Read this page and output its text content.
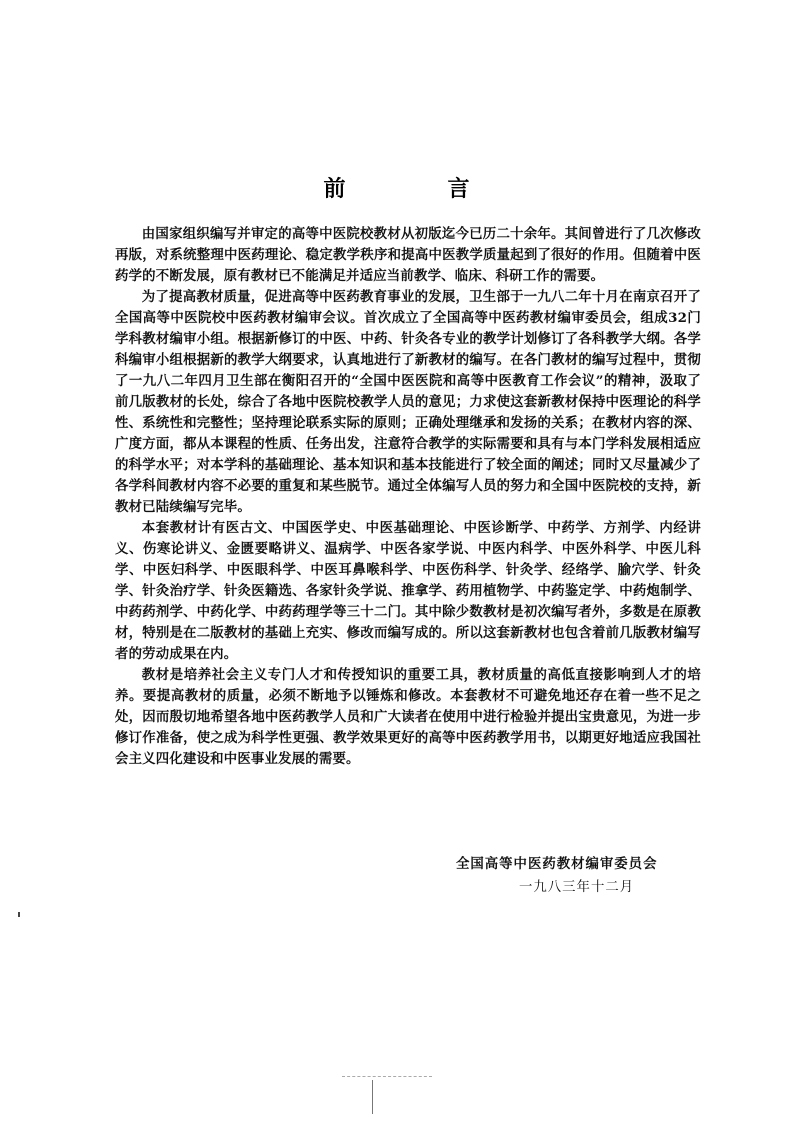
前　言

由国家组织编写并审定的高等中医院校教材从初版迄今已历二十余年。其间曾进行了几次修改再版，对系统整理中医药理论、稳定教学秩序和提高中医教学质量起到了很好的作用。但随着中医药学的不断发展，原有教材已不能满足并适应当前教学、临床、科研工作的需要。

为了提高教材质量，促进高等中医药教育事业的发展，卫生部于一九八二年十月在南京召开了全国高等中医院校中医药教材编审会议。首次成立了全国高等中医药教材编审委员会，组成32门学科教材编审小组。根据新修订的中医、中药、针灸各专业的教学计划修订了各科教学大纲。各学科编审小组根据新的教学大纲要求，认真地进行了新教材的编写。在各门教材的编写过程中，贯彻了一九八二年四月卫生部在衡阳召开的“全国中医医院和高等中医教育工作会议”的精神，汲取了前几版教材的长处，综合了各地中医院校教学人员的意见；力求使这套新教材保持中医理论的科学性、系统性和完整性；坚持理论联系实际的原则；正确处理继承和发扬的关系；在教材内容的深、广度方面，都从本课程的性质、任务出发，注意符合教学的实际需要和具有与本门学科发展相适应的科学水平；对本学科的基础理论、基本知识和基本技能进行了较全面的阐述；同时又尽量减少了各学科间教材内容不必要的重复和某些脱节。通过全体编写人员的努力和全国中医院校的支持，新教材已陆续编写完毕。

本套教材计有医古文、中国医学史、中医基础理论、中医诊断学、中药学、方剂学、内经讲义、伤寒论讲义、金匮要略讲义、温病学、中医各家学说、中医内科学、中医外科学、中医儿科学、中医妇科学、中医眼科学、中医耳鼻喉科学、中医伤科学、针灸学、经络学、腧穴学、针灸学、针灸治疗学、针灸医籍选、各家针灸学说、推拿学、药用植物学、中药鉴定学、中药炮制学、中药药剂学、中药化学、中药药理学等三十二门。其中除少数教材是初次编写者外，多数是在原教材，特别是在二版教材的基础上充实、修改而编写成的。所以这套新教材也包含着前几版教材编写者的劳动成果在内。

教材是培养社会主义专门人才和传授知识的重要工具，教材质量的高低直接影响到人才的培养。要提高教材的质量，必须不断地予以锤炼和修改。本套教材不可避免地还存在着一些不足之处，因而殷切地希望各地中医药教学人员和广大读者在使用中进行检验并提出宝贵意见，为进一步修订作准备，使之成为科学性更强、教学效果更好的高等中医药教学用书，以期更好地适应我国社会主义四化建设和中医事业发展的需要。

全国高等中医药教材编审委员会
一九八三年十二月
